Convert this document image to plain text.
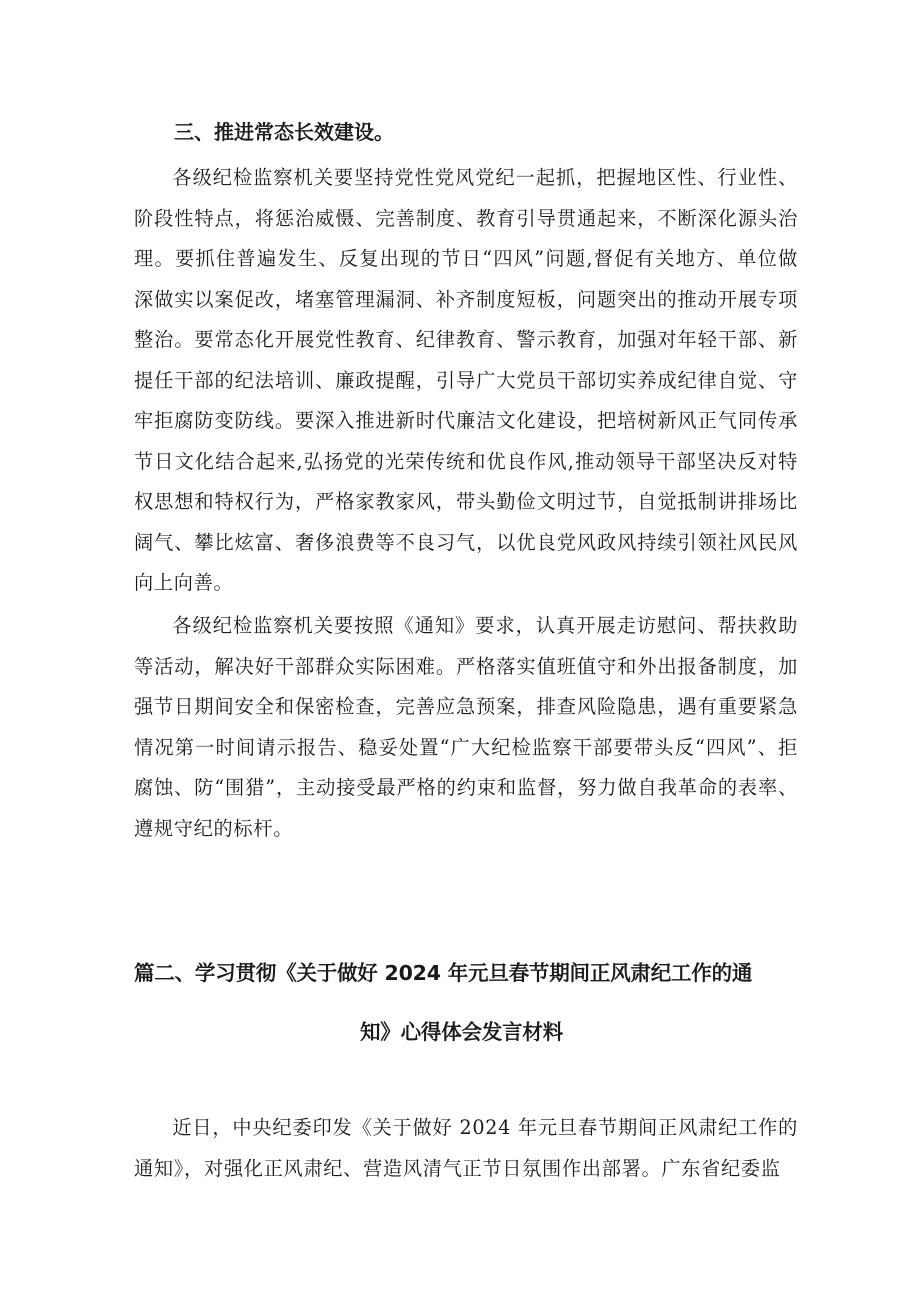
三、推进常态长效建设。

各级纪检监察机关要坚持党性党风党纪一起抓，把握地区性、行业性、阶段性特点，将惩治威慑、完善制度、教育引导贯通起来，不断深化源头治理。要抓住普遍发生、反复出现的节日“四风”问题,督促有关地方、单位做深做实以案促改，堵塞管理漏洞、补齐制度短板，问题突出的推动开展专项整治。要常态化开展党性教育、纪律教育、警示教育，加强对年轻干部、新提任干部的纪法培训、廉政提醒，引导广大党员干部切实养成纪律自觉、守牢拒腐防变防线。要深入推进新时代廉洁文化建设，把培树新风正气同传承节日文化结合起来,弘扬党的光荣传统和优良作风,推动领导干部坚决反对特权思想和特权行为，严格家教家风，带头勤俭文明过节，自觉抵制讲排场比阔气、攀比炫富、奢侈浪费等不良习气，以优良党风政风持续引领社风民风向上向善。

各级纪检监察机关要按照《通知》要求，认真开展走访慰问、帮扶救助等活动，解决好干部群众实际困难。严格落实值班值守和外出报备制度，加强节日期间安全和保密检查，完善应急预案，排查风险隐患，遇有重要紧急情况第一时间请示报告、稳妥处置“广大纪检监察干部要带头反“四风”、拒腐蚀、防“围猎”，主动接受最严格的约束和监督，努力做自我革命的表率、遵规守纪的标杆。

篇二、学习贯彻《关于做好 2024 年元旦春节期间正风肃纪工作的通
知》心得体会发言材料

近日，中央纪委印发《关于做好 2024 年元旦春节期间正风肃纪工作的通知》，对强化正风肃纪、营造风清气正节日氛围作出部署。广东省纪委监
